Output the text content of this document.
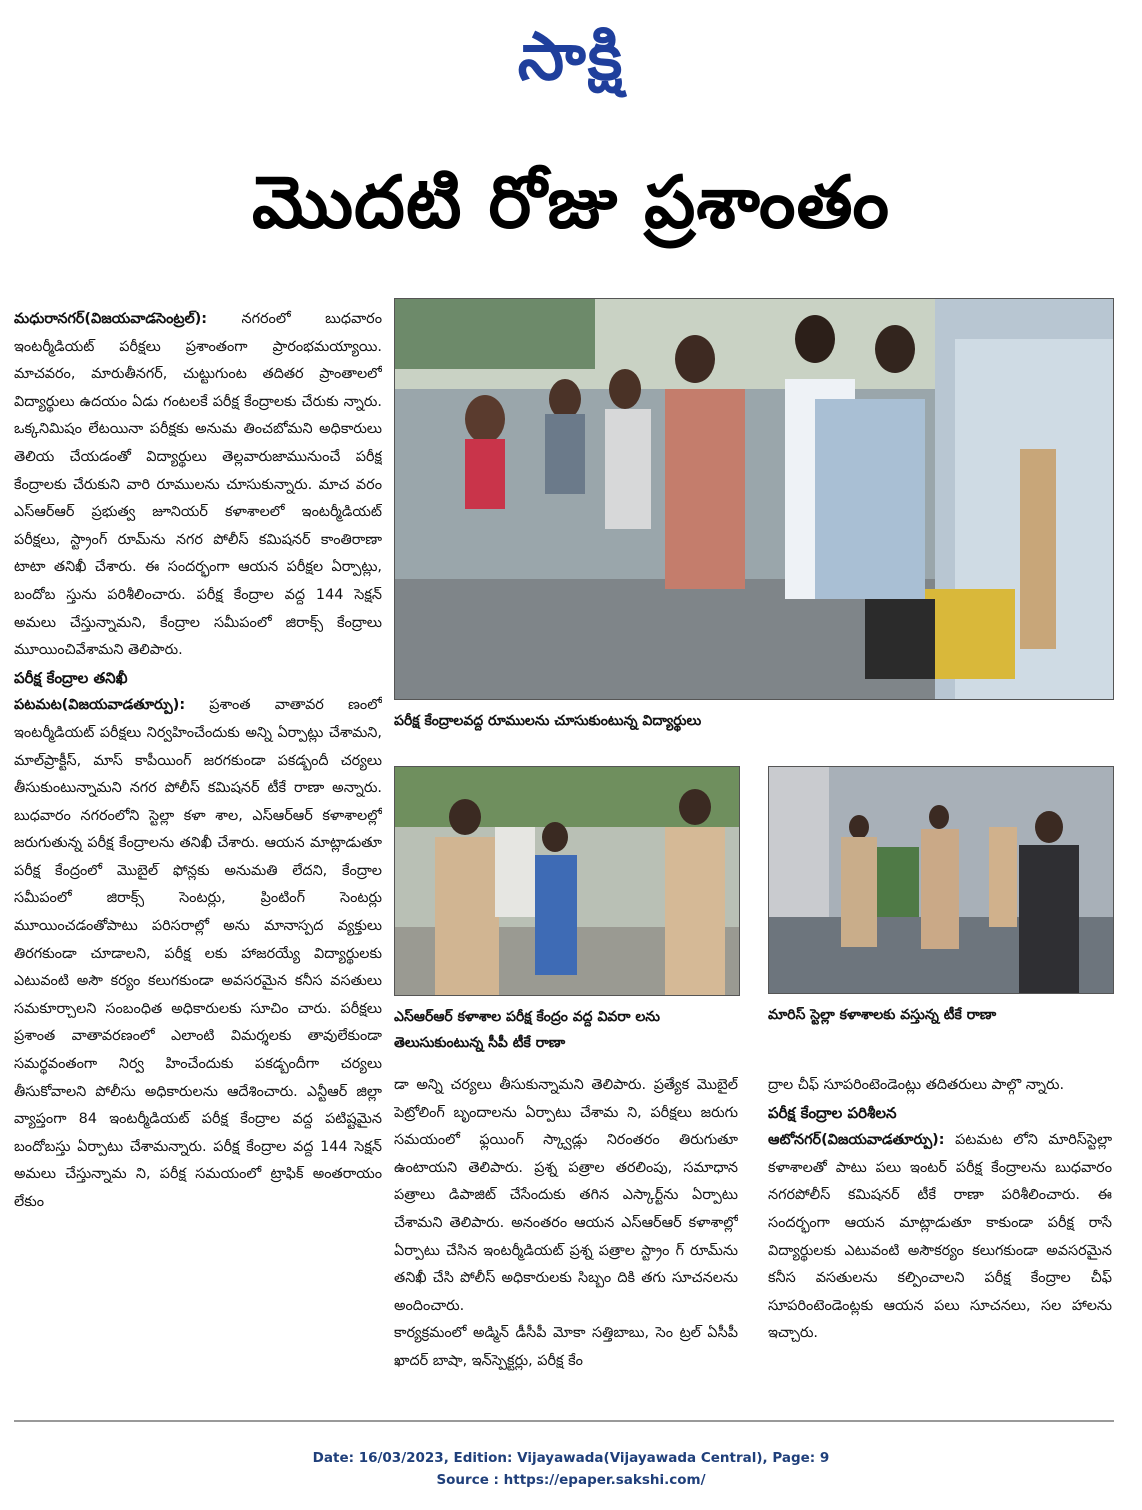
సాక్షి
మొదటి రోజు ప్రశాంతం

మధురానగర్(విజయవాడసెంట్రల్): నగరంలో బుధవారం ఇంటర్మీడియట్ పరీక్షలు ప్రశాంతంగా ప్రారంభమయ్యాయి. మాచవరం, మారుతీనగర్, చుట్టుగుంట తదితర ప్రాంతాలలో విద్యార్థులు ఉదయం ఏడు గంటలకే పరీక్ష కేంద్రాలకు చేరుకు న్నారు. ఒక్కనిమిషం లేటయినా పరీక్షకు అనుమ తించబోమని అధికారులు తెలియ చేయడంతో విద్యార్థులు తెల్లవారుజామునుంచే పరీక్ష కేంద్రాలకు చేరుకుని వారి రూములను చూసుకున్నారు. మాచ వరం ఎస్ఆర్ఆర్ ప్రభుత్వ జూనియర్ కళాశాలలో ఇంటర్మీడియట్ పరీక్షలు, స్ట్రాంగ్ రూమ్‌ను నగర పోలీస్ కమిషనర్ కాంతిరాణా టాటా తనిఖీ చేశారు. ఈ సందర్భంగా ఆయన పరీక్షల ఏర్పాట్లు, బందోబ స్తును పరిశీలించారు. పరీక్ష కేంద్రాల వద్ద 144 సెక్షన్ అమలు చేస్తున్నామని, కేంద్రాల సమీపంలో జిరాక్స్ కేంద్రాలు మూయించివేశామని తెలిపారు.

పరీక్ష కేంద్రాల తనిఖీ

పటమట(విజయవాడతూర్పు): ప్రశాంత వాతావర ణంలో ఇంటర్మీడియట్ పరీక్షలు నిర్వహించేందుకు అన్ని ఏర్పాట్లు చేశామని, మాల్‌ప్రాక్టీస్, మాస్ కాపీయింగ్ జరగకుండా పకడ్బందీ చర్యలు తీసుకుంటున్నామని నగర పోలీస్ కమిషనర్ టీకే రాణా అన్నారు. బుధవారం నగరంలోని స్టెల్లా కళా శాల, ఎస్ఆర్ఆర్ కళాశాలల్లో జరుగుతున్న పరీక్ష కేంద్రాలను తనిఖీ చేశారు. ఆయన మాట్లాడుతూ పరీక్ష కేంద్రంలో మొబైల్ ఫోన్లకు అనుమతి లేదని, కేంద్రాల సమీపంలో జిరాక్స్ సెంటర్లు, ప్రింటింగ్ సెంటర్లు మూయించడంతోపాటు పరిసరాల్లో అను మానాస్పద వ్యక్తులు తిరగకుండా చూడాలని, పరీక్ష లకు హాజరయ్యే విద్యార్థులకు ఎటువంటి అసౌ కర్యం కలుగకుండా అవసరమైన కనీస వసతులు సమకూర్చాలని సంబంధిత అధికారులకు సూచిం చారు. పరీక్షలు ప్రశాంత వాతావరణంలో ఎలాంటి విమర్శలకు తావులేకుండా సమర్థవంతంగా నిర్వ హించేందుకు పకడ్బందీగా చర్యలు తీసుకోవాలని పోలీసు అధికారులను ఆదేశించారు. ఎన్టీఆర్ జిల్లా వ్యాప్తంగా 84 ఇంటర్మీడియట్ పరీక్ష కేంద్రాల వద్ద పటిష్టమైన బందోబస్తు ఏర్పాటు చేశామన్నారు. పరీక్ష కేంద్రాల వద్ద 144 సెక్షన్ అమలు చేస్తున్నామ ని, పరీక్ష సమయంలో ట్రాఫిక్ అంతరాయం లేకుం

పరీక్ష కేంద్రాలవద్ద రూములను చూసుకుంటున్న విద్యార్థులు
ఎస్ఆర్ఆర్ కళాశాల పరీక్ష కేంద్రం వద్ద వివరా లను తెలుసుకుంటున్న సీపీ టీకే రాణా
మారిస్ స్టెల్లా కళాశాలకు వస్తున్న టీకే రాణా

డా అన్ని చర్యలు తీసుకున్నామని తెలిపారు. ప్రత్యేక మొబైల్ పెట్రోలింగ్ బృందాలను ఏర్పాటు చేశామ ని, పరీక్షలు జరుగు సమయంలో ఫ్లయింగ్ స్క్వాడ్లు నిరంతరం తిరుగుతూ ఉంటాయని తెలిపారు. ప్రశ్న పత్రాల తరలింపు, సమాధాన పత్రాలు డిపాజిట్ చేసేందుకు తగిన ఎస్కార్ట్‌ను ఏర్పాటు చేశామని తెలిపారు. అనంతరం ఆయన ఎస్ఆర్ఆర్ కళాశాల్లో ఏర్పాటు చేసిన ఇంటర్మీడియట్ ప్రశ్న పత్రాల స్ట్రాం గ్ రూమ్‌ను తనిఖీ చేసి పోలీస్ అధికారులకు సిబ్బం దికి తగు సూచనలను అందించారు.

కార్యక్రమంలో అడ్మిన్ డీసీపీ మోకా సత్తిబాబు, సెం ట్రల్ ఏసీపీ ఖాదర్ బాషా, ఇన్‌స్పెక్టర్లు, పరీక్ష కేం

ద్రాల చీఫ్ సూపరింటెండెంట్లు తదితరులు పాల్గొ న్నారు.

పరీక్ష కేంద్రాల పరిశీలన

ఆటోనగర్(విజయవాడతూర్పు): పటమట లోని మారిస్‌స్టెల్లా కళాశాలతో పాటు పలు ఇంటర్ పరీక్ష కేంద్రాలను బుధవారం నగరపోలీస్ కమిషనర్ టీకే రాణా పరిశీలించారు. ఈ సందర్భంగా ఆయన మాట్లాడుతూ కాకుండా పరీక్ష రాసే విద్యార్థులకు ఎటువంటి అసౌకర్యం కలుగకుండా అవసరమైన కనీస వసతులను కల్పించాలని పరీక్ష కేంద్రాల చీఫ్ సూపరింటెండెంట్లకు ఆయన పలు సూచనలు, సల హాలను ఇచ్చారు.

Date: 16/03/2023, Edition: Vijayawada(Vijayawada Central), Page: 9
Source : https://epaper.sakshi.com/
